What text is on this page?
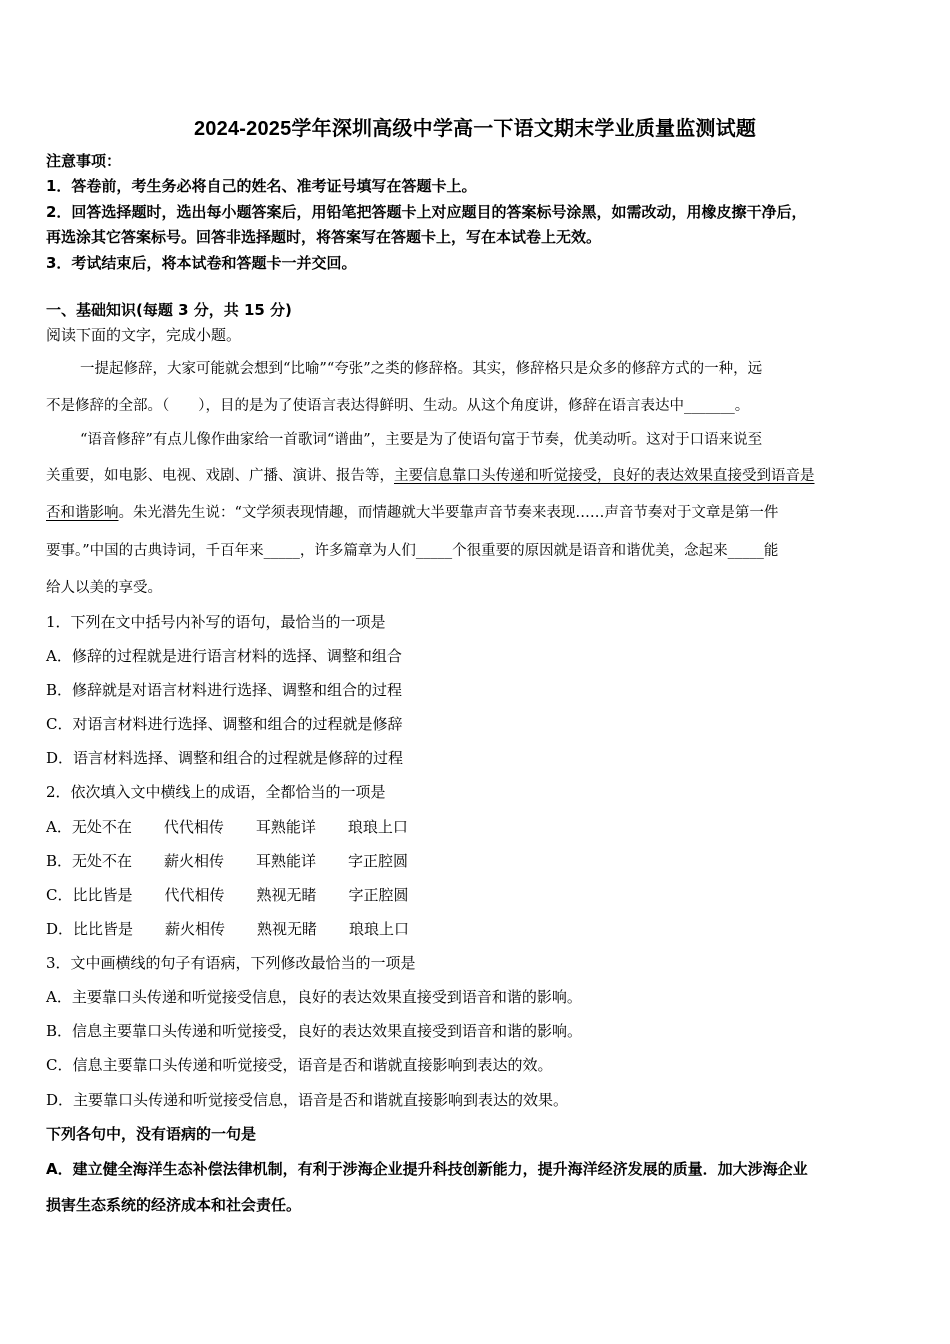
2024-2025学年深圳高级中学高一下语文期末学业质量监测试题
注意事项：
1．答卷前，考生务必将自己的姓名、准考证号填写在答题卡上。
2．回答选择题时，选出每小题答案后，用铅笔把答题卡上对应题目的答案标号涂黑，如需改动，用橡皮擦干净后，
再选涂其它答案标号。回答非选择题时，将答案写在答题卡上，写在本试卷上无效。
3．考试结束后，将本试卷和答题卡一并交回。
一、基础知识(每题 3 分，共 15 分)
阅读下面的文字，完成小题。
一提起修辞，大家可能就会想到“比喻”“夸张”之类的修辞格。其实，修辞格只是众多的修辞方式的一种，远
不是修辞的全部。（　　），目的是为了使语言表达得鲜明、生动。从这个角度讲，修辞在语言表达中_______。
“语音修辞”有点儿像作曲家给一首歌词“谱曲”，主要是为了使语句富于节奏，优美动听。这对于口语来说至
关重要，如电影、电视、戏剧、广播、演讲、报告等，主要信息靠口头传递和听觉接受，良好的表达效果直接受到语音是
否和谐影响。朱光潜先生说：“文学须表现情趣，而情趣就大半要靠声音节奏来表现……声音节奏对于文章是第一件
要事。”中国的古典诗词，千百年来_____，许多篇章为人们_____个很重要的原因就是语音和谐优美，念起来_____能
给人以美的享受。
1．下列在文中括号内补写的语句，最恰当的一项是
A．修辞的过程就是进行语言材料的选择、调整和组合
B．修辞就是对语言材料进行选择、调整和组合的过程
C．对语言材料进行选择、调整和组合的过程就是修辞
D．语言材料选择、调整和组合的过程就是修辞的过程
2．依次填入文中横线上的成语，全都恰当的一项是
A．无处不在 代代相传 耳熟能详 琅琅上口
B．无处不在 薪火相传 耳熟能详 字正腔圆
C．比比皆是 代代相传 熟视无睹 字正腔圆
D．比比皆是 薪火相传 熟视无睹 琅琅上口
3．文中画横线的句子有语病，下列修改最恰当的一项是
A．主要靠口头传递和听觉接受信息，良好的表达效果直接受到语音和谐的影响。
B．信息主要靠口头传递和听觉接受，良好的表达效果直接受到语音和谐的影响。
C．信息主要靠口头传递和听觉接受，语音是否和谐就直接影响到表达的效。
D．主要靠口头传递和听觉接受信息，语音是否和谐就直接影响到表达的效果。
下列各句中，没有语病的一句是
A．建立健全海洋生态补偿法律机制，有利于涉海企业提升科技创新能力，提升海洋经济发展的质量．加大涉海企业
损害生态系统的经济成本和社会责任。
